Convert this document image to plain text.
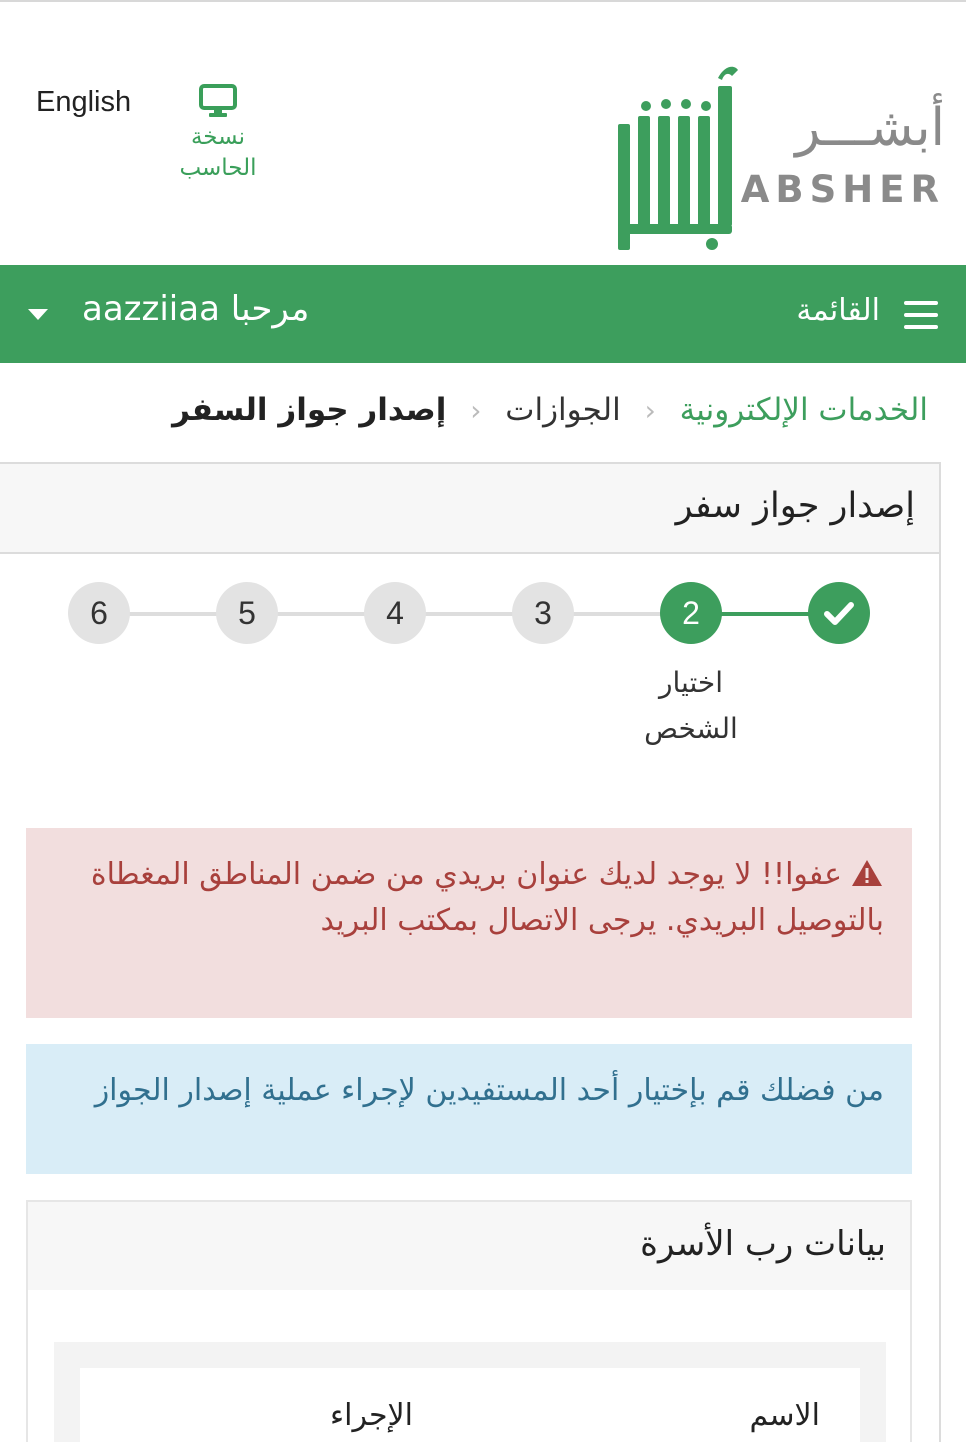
English
نسخة الحاسب
أبشـــر
ABSHER
القائمة
مرحبا aazziiaa
الخدمات الإلكترونية ‹ الجوازات ‹ إصدار جواز السفر
إصدار جواز سفر
6	5	4	3	2
اختيار الشخص
عفوا!! لا يوجد لديك عنوان بريدي من ضمن المناطق المغطاة بالتوصيل البريدي. يرجى الاتصال بمكتب البريد
من فضلك قم بإختيار أحد المستفيدين لإجراء عملية إصدار الجواز
بيانات رب الأسرة
الاسم
الإجراء
